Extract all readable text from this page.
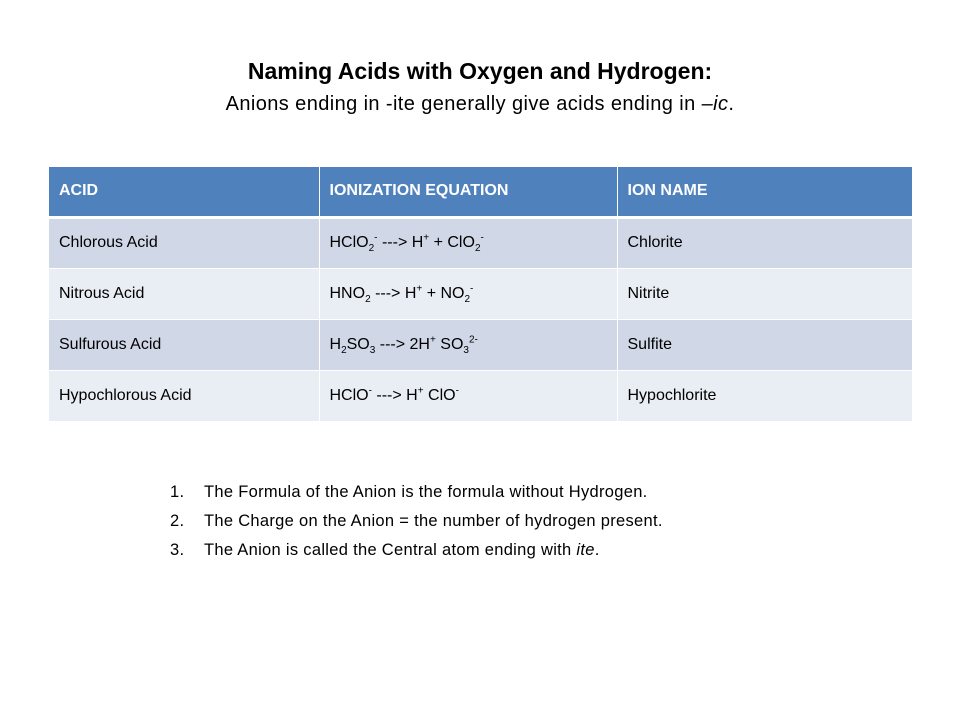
Naming Acids with Oxygen and Hydrogen:
Anions ending in -ite generally give acids ending in –ic.
ACID	IONIZATION EQUATION	ION NAME
Chlorous Acid	HClO$_2$- ---> H+ + ClO$_2$-	Chlorite
Nitrous Acid	$HNO_2$ ---> $H^+ + NO_2^-$	Nitrite
Sulfurous Acid	$H_2SO_3$ ---> 2H+ $SO_3^{2-}$	Sulfite
Hypochlorous Acid	HClO- ---> H+ ClO-	Hypochlorite
1. The Formula of the Anion is the formula without Hydrogen.
2. The Charge on the Anion = the number of hydrogen present.
3. The Anion is called the Central atom ending with ite.
